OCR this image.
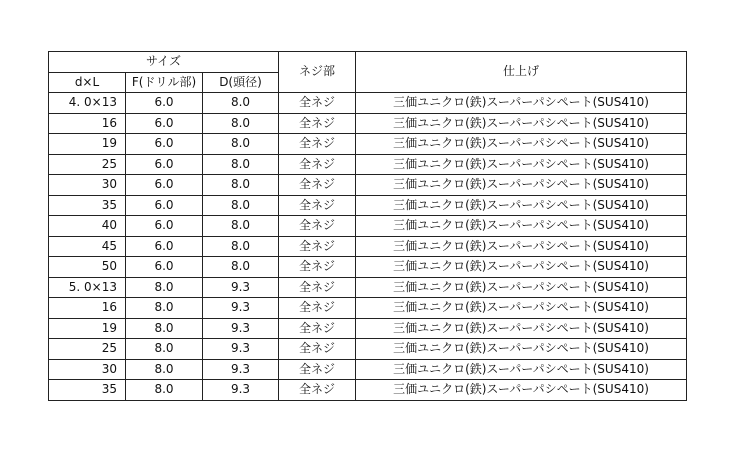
サイズ			ネジ部	仕上げ
d×L	F(ドリル部)	D(頭径)		
4. 0×13	6.0	8.0	全ネジ	三価ユニクロ(鉄)スーパーパシペート(SUS410)
16	6.0	8.0	全ネジ	三価ユニクロ(鉄)スーパーパシペート(SUS410)
19	6.0	8.0	全ネジ	三価ユニクロ(鉄)スーパーパシペート(SUS410)
25	6.0	8.0	全ネジ	三価ユニクロ(鉄)スーパーパシペート(SUS410)
30	6.0	8.0	全ネジ	三価ユニクロ(鉄)スーパーパシペート(SUS410)
35	6.0	8.0	全ネジ	三価ユニクロ(鉄)スーパーパシペート(SUS410)
40	6.0	8.0	全ネジ	三価ユニクロ(鉄)スーパーパシペート(SUS410)
45	6.0	8.0	全ネジ	三価ユニクロ(鉄)スーパーパシペート(SUS410)
50	6.0	8.0	全ネジ	三価ユニクロ(鉄)スーパーパシペート(SUS410)
5. 0×13	8.0	9.3	全ネジ	三価ユニクロ(鉄)スーパーパシペート(SUS410)
16	8.0	9.3	全ネジ	三価ユニクロ(鉄)スーパーパシペート(SUS410)
19	8.0	9.3	全ネジ	三価ユニクロ(鉄)スーパーパシペート(SUS410)
25	8.0	9.3	全ネジ	三価ユニクロ(鉄)スーパーパシペート(SUS410)
30	8.0	9.3	全ネジ	三価ユニクロ(鉄)スーパーパシペート(SUS410)
35	8.0	9.3	全ネジ	三価ユニクロ(鉄)スーパーパシペート(SUS410)
